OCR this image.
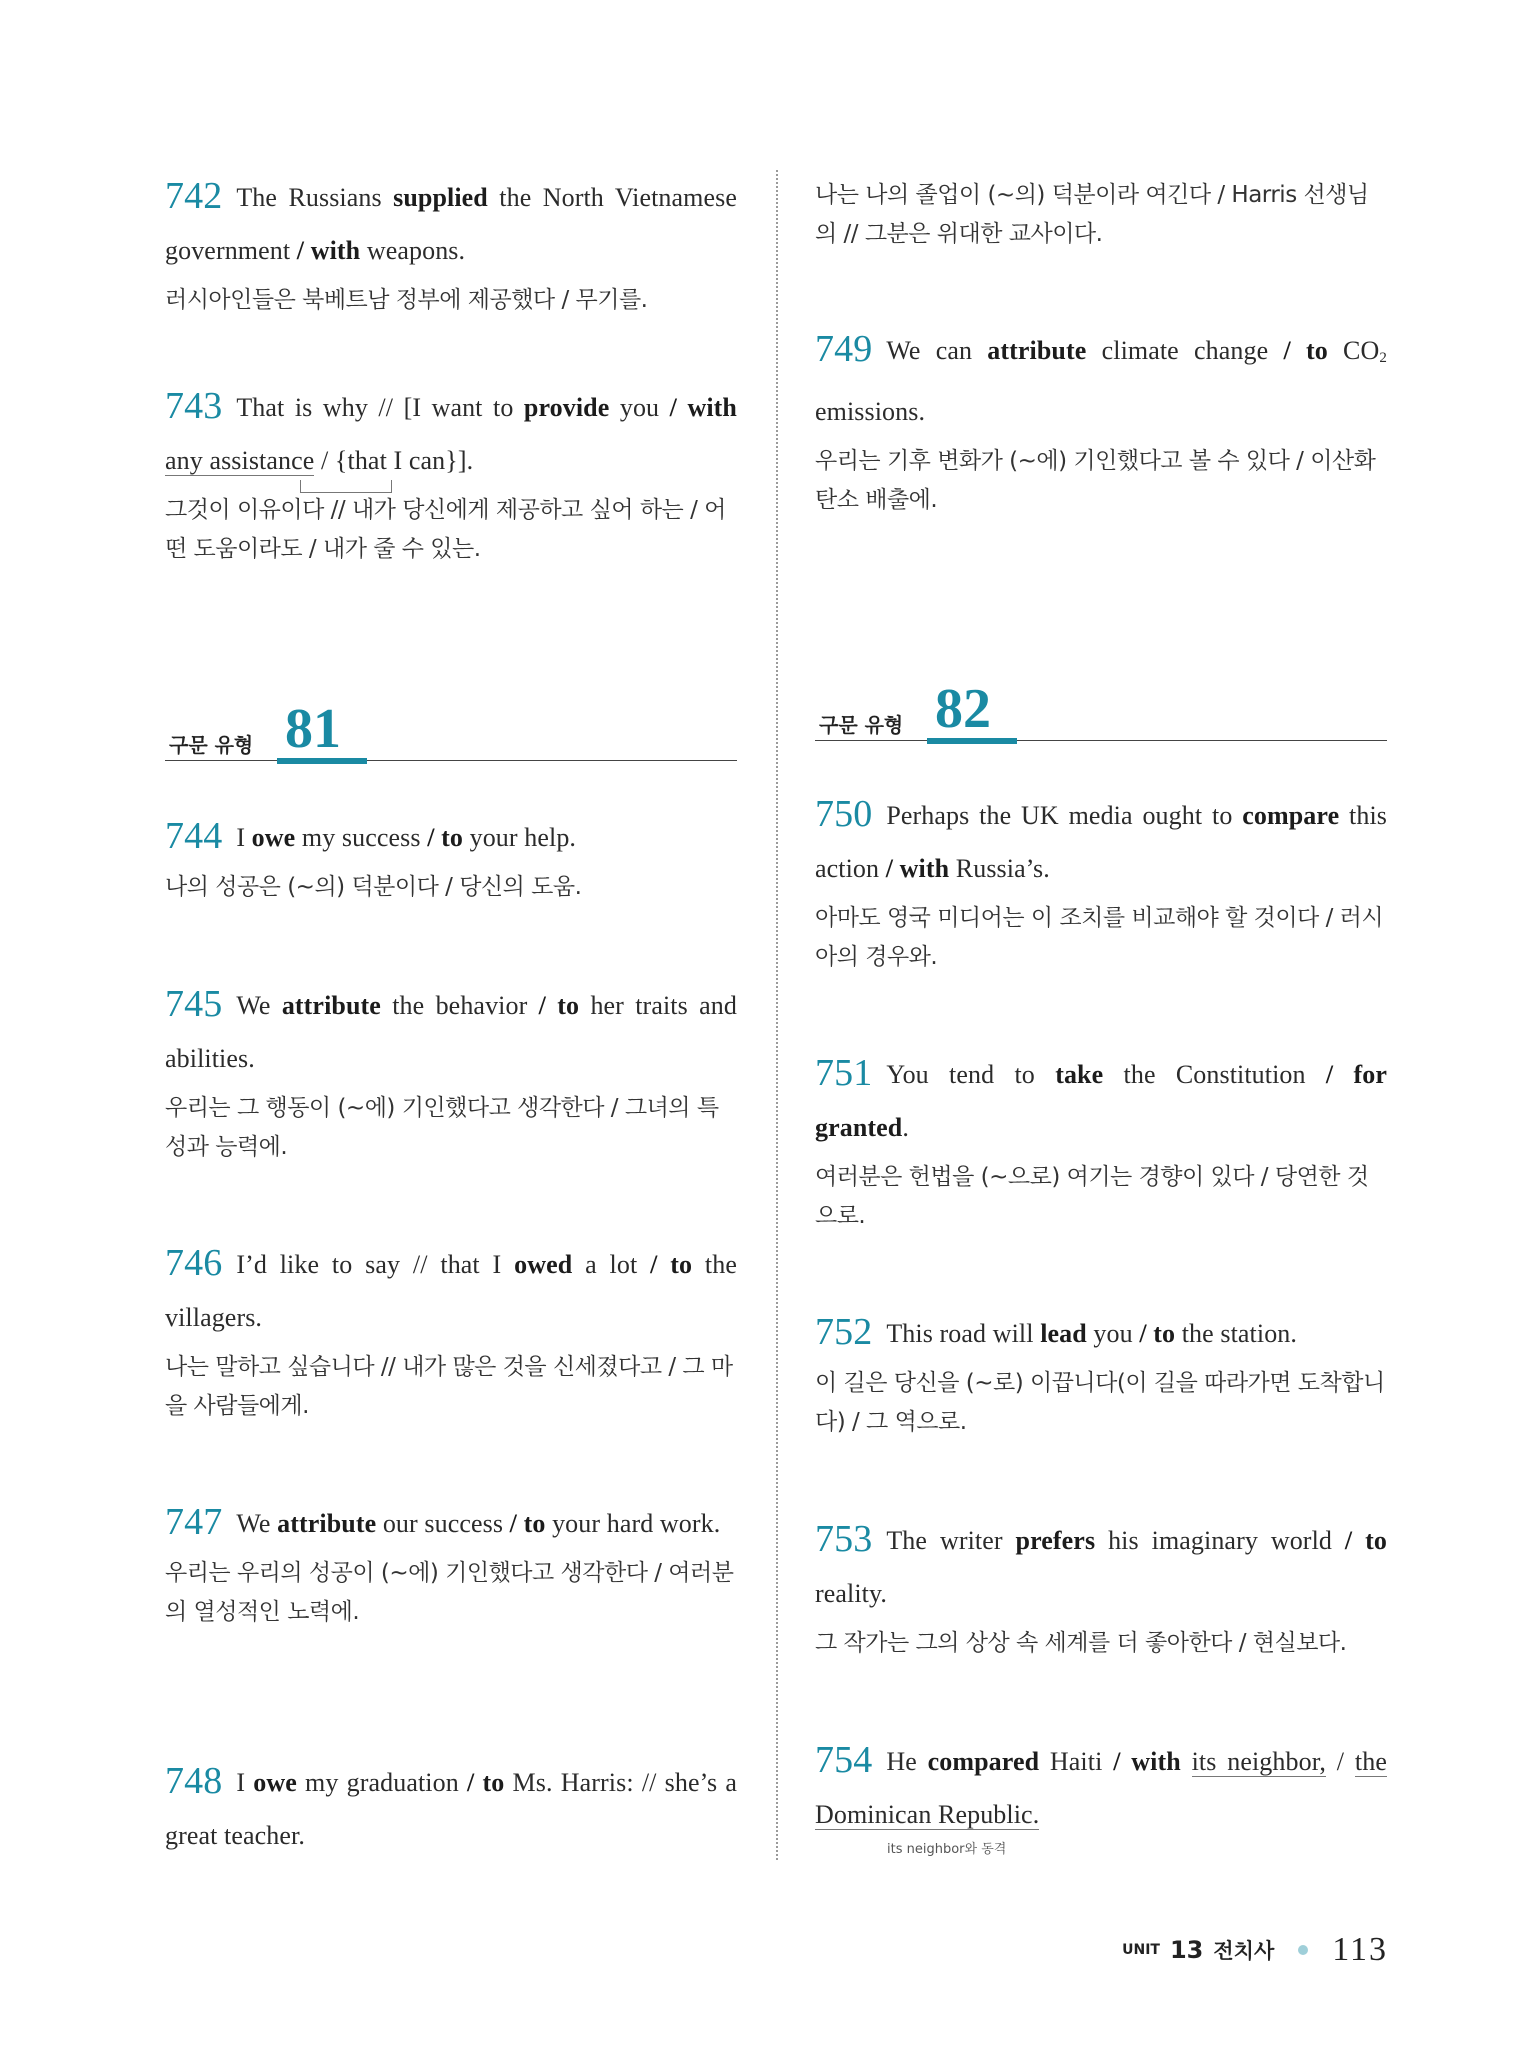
742 The Russians supplied the North Vietnamese government / with weapons.
러시아인들은 북베트남 정부에 제공했다 / 무기를.
743 That is why // [I want to provide you / with any assistance / {that I can}].
그것이 이유이다 // 내가 당신에게 제공하고 싶어 하는 / 어떤 도움이라도 / 내가 줄 수 있는.
구문 유형 81
744 I owe my success / to your help.
나의 성공은 (~의) 덕분이다 / 당신의 도움.
745 We attribute the behavior / to her traits and abilities.
우리는 그 행동이 (~에) 기인했다고 생각한다 / 그녀의 특성과 능력에.
746 I’d like to say // that I owed a lot / to the villagers.
나는 말하고 싶습니다 // 내가 많은 것을 신세졌다고 / 그 마을 사람들에게.
747 We attribute our success / to your hard work.
우리는 우리의 성공이 (~에) 기인했다고 생각한다 / 여러분의 열성적인 노력에.
748 I owe my graduation / to Ms. Harris: // she’s a great teacher.
나는 나의 졸업이 (~의) 덕분이라 여긴다 / Harris 선생님의 // 그분은 위대한 교사이다.
749 We can attribute climate change / to $CO_2$ emissions.
우리는 기후 변화가 (~에) 기인했다고 볼 수 있다 / 이산화탄소 배출에.
구문 유형 82
750 Perhaps the UK media ought to compare this action / with Russia’s.
아마도 영국 미디어는 이 조치를 비교해야 할 것이다 / 러시아의 경우와.
751 You tend to take the Constitution / for granted.
여러분은 헌법을 (~으로) 여기는 경향이 있다 / 당연한 것으로.
752 This road will lead you / to the station.
이 길은 당신을 (~로) 이끕니다(이 길을 따라가면 도착합니다) / 그 역으로.
753 The writer prefers his imaginary world / to reality.
그 작가는 그의 상상 속 세계를 더 좋아한다 / 현실보다.
754 He compared Haiti / with its neighbor, / the Dominican Republic.
its neighbor와 동격
UNIT 13 전치사 113
